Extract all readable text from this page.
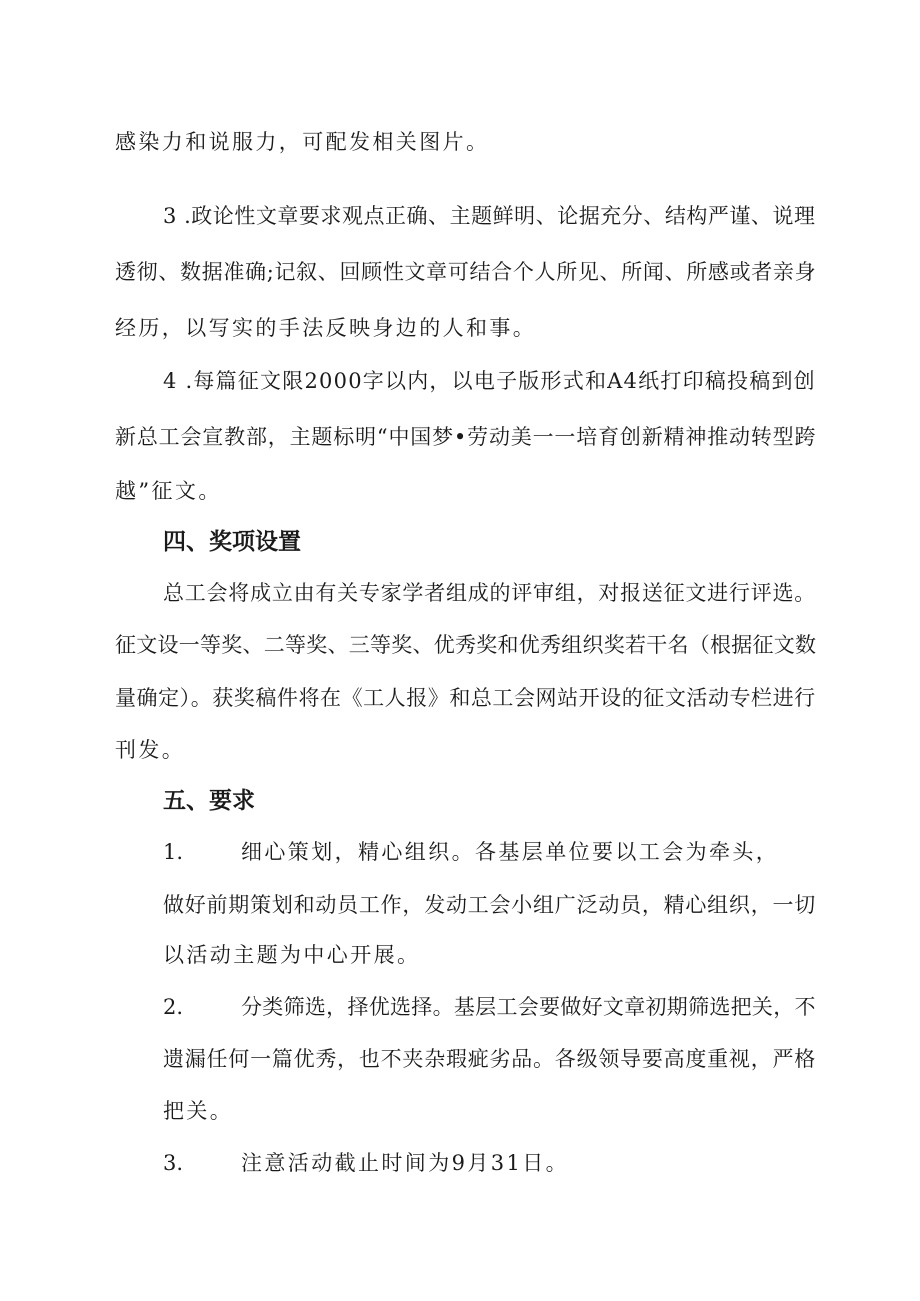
感染力和说服力，可配发相关图片。
3 .政论性文章要求观点正确、主题鲜明、论据充分、结构严谨、说理
透彻、数据准确;记叙、回顾性文章可结合个人所见、所闻、所感或者亲身
经历，以写实的手法反映身边的人和事。
4 .每篇征文限2000字以内，以电子版形式和A4纸打印稿投稿到创
新总工会宣教部，主题标明“中国梦•劳动美一一培育创新精神推动转型跨
越”征文。
四、奖项设置
总工会将成立由有关专家学者组成的评审组，对报送征文进行评选。
征文设一等奖、二等奖、三等奖、优秀奖和优秀组织奖若干名（根据征文数
量确定）。获奖稿件将在《工人报》和总工会网站开设的征文活动专栏进行
刊发。
五、要求
1.	细心策划，精心组织。各基层单位要以工会为牵头，
做好前期策划和动员工作，发动工会小组广泛动员，精心组织，一切
以活动主题为中心开展。
2.	分类筛选，择优选择。基层工会要做好文章初期筛选把关，不
遗漏任何一篇优秀，也不夹杂瑕疵劣品。各级领导要高度重视，严格
把关。
3.	注意活动截止时间为9月31日。
